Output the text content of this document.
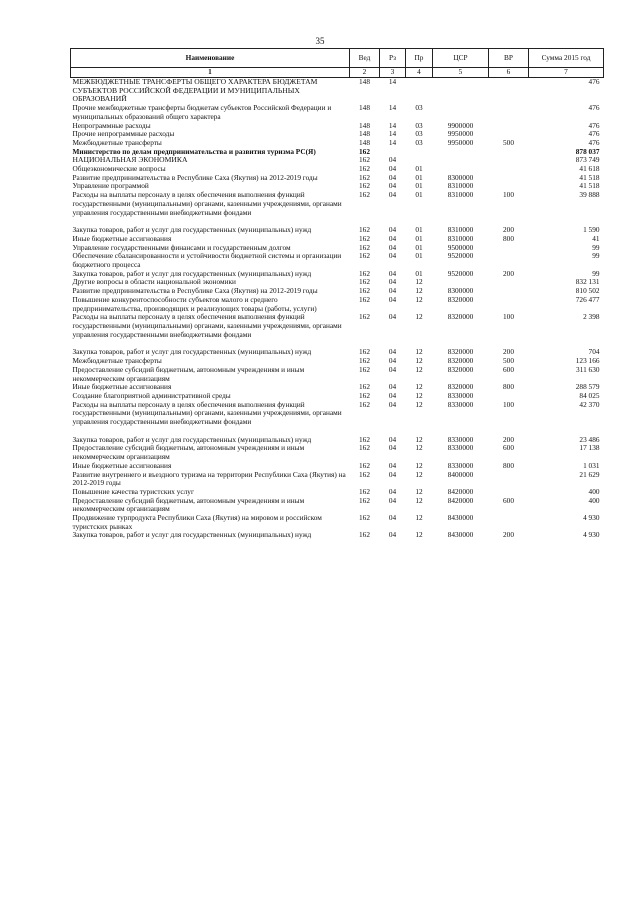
35
Наименование	Вед	Рз	Пр	ЦСР	ВР	Сумма 2015 год
1	2	3	4	5	6	7
МЕЖБЮДЖЕТНЫЕ ТРАНСФЕРТЫ ОБЩЕГО ХАРАКТЕРА БЮДЖЕТАМ СУБЪЕКТОВ РОССИЙСКОЙ ФЕДЕРАЦИИ И МУНИЦИПАЛЬНЫХ ОБРАЗОВАНИЙ	148	14				476
Прочие межбюджетные трансферты бюджетам субъектов Российской Федерации и муниципальных образований общего характера	148	14	03			476
Непрограммные расходы	148	14	03	9900000		476
Прочие непрограммные расходы	148	14	03	9950000		476
Межбюджетные трансферты	148	14	03	9950000	500	476
Министерство по делам предпринимательства и развития туризма РС(Я)	162					878 037
НАЦИОНАЛЬНАЯ ЭКОНОМИКА	162	04				873 749
Общеэкономические вопросы	162	04	01			41 618
Развитие предпринимательства в Республике Саха (Якутия) на 2012-2019 годы	162	04	01	8300000		41 518
Управление программой	162	04	01	8310000		41 518
Расходы на выплаты персоналу в целях обеспечения выполнения функций государственными (муниципальными) органами, казенными учреждениями, органами управления государственными внебюджетными фондами	162	04	01	8310000	100	39 888
Закупка товаров, работ и услуг для государственных (муниципальных) нужд	162	04	01	8310000	200	1 590
Иные бюджетные ассигнования	162	04	01	8310000	800	41
Управление государственными финансами и государственным долгом	162	04	01	9500000		99
Обеспечение сбалансированности и устойчивости бюджетной системы и организации бюджетного процесса	162	04	01	9520000		99
Закупка товаров, работ и услуг для государственных (муниципальных) нужд	162	04	01	9520000	200	99
Другие вопросы в области национальной экономики	162	04	12			832 131
Развитие предпринимательства в Республике Саха (Якутия) на 2012-2019 годы	162	04	12	8300000		810 502
Повышение конкурентоспособности субъектов малого и среднего предпринимательства, производящих и реализующих товары (работы, услуги)	162	04	12	8320000		726 477
Расходы на выплаты персоналу в целях обеспечения выполнения функций государственными (муниципальными) органами, казенными учреждениями, органами управления государственными внебюджетными фондами	162	04	12	8320000	100	2 398
Закупка товаров, работ и услуг для государственных (муниципальных) нужд	162	04	12	8320000	200	704
Межбюджетные трансферты	162	04	12	8320000	500	123 166
Предоставление субсидий бюджетным, автономным учреждениям и иным некоммерческим организациям	162	04	12	8320000	600	311 630
Иные бюджетные ассигнования	162	04	12	8320000	800	288 579
Создание благоприятной административной среды	162	04	12	8330000		84 025
Расходы на выплаты персоналу в целях обеспечения выполнения функций государственными (муниципальными) органами, казенными учреждениями, органами управления государственными внебюджетными фондами	162	04	12	8330000	100	42 370
Закупка товаров, работ и услуг для государственных (муниципальных) нужд	162	04	12	8330000	200	23 486
Предоставление субсидий бюджетным, автономным учреждениям и иным некоммерческим организациям	162	04	12	8330000	600	17 138
Иные бюджетные ассигнования	162	04	12	8330000	800	1 031
Развитие внутреннего и въездного туризма на территории Республики Саха (Якутия) на 2012-2019 годы	162	04	12	8400000		21 629
Повышение качества туристских услуг	162	04	12	8420000		400
Предоставление субсидий бюджетным, автономным учреждениям и иным некоммерческим организациям	162	04	12	8420000	600	400
Продвижение турпродукта Республики Саха (Якутия) на мировом и российском туристских рынках	162	04	12	8430000		4 930
Закупка товаров, работ и услуг для государственных (муниципальных) нужд	162	04	12	8430000	200	4 930
